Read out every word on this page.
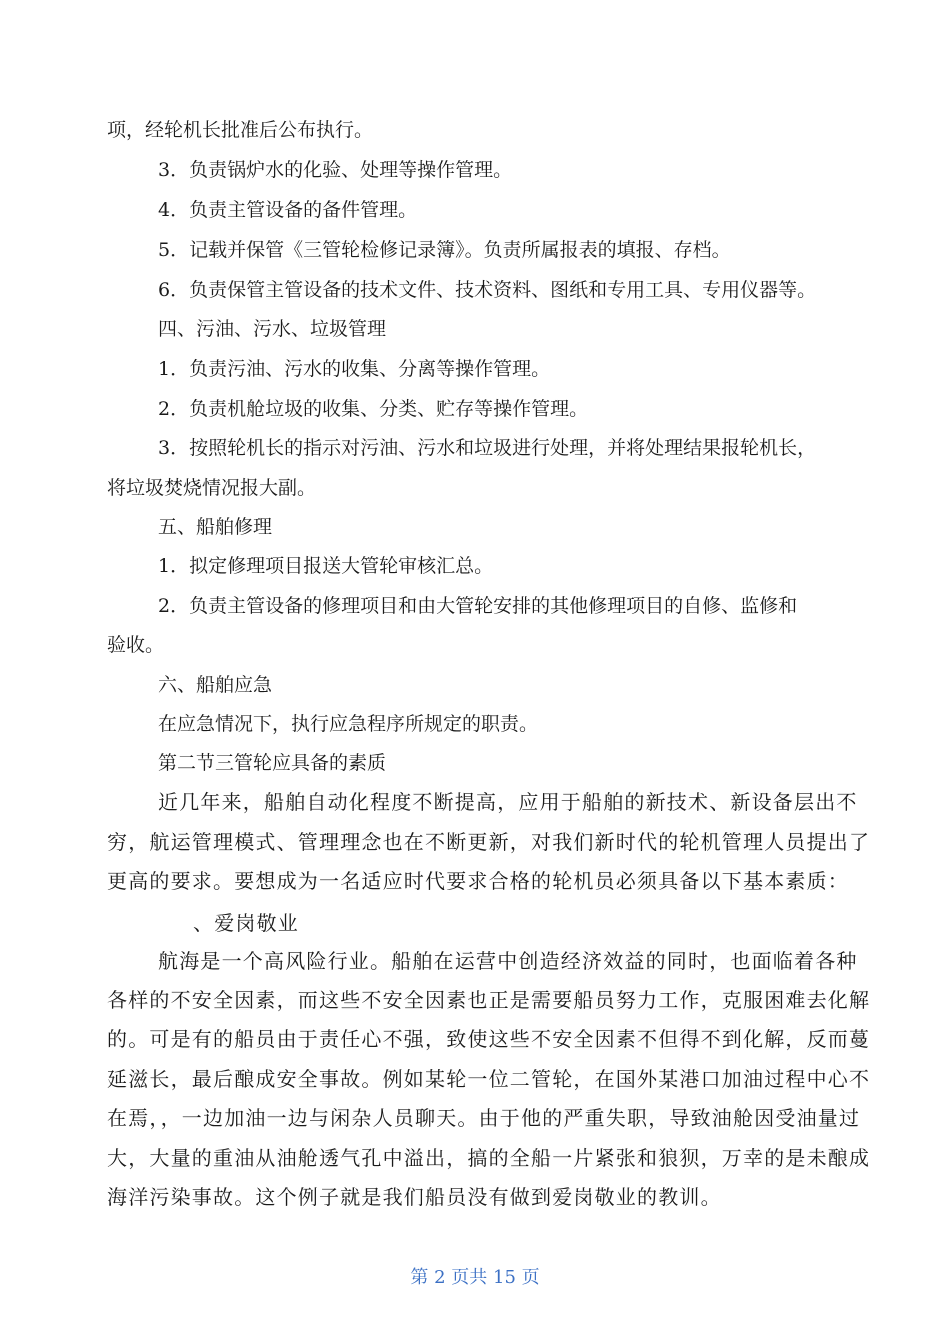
项，经轮机长批准后公布执行。
3．负责锅炉水的化验、处理等操作管理。
4．负责主管设备的备件管理。
5．记载并保管《三管轮检修记录簿》。负责所属报表的填报、存档。
6．负责保管主管设备的技术文件、技术资料、图纸和专用工具、专用仪器等。
四、污油、污水、垃圾管理
1．负责污油、污水的收集、分离等操作管理。
2．负责机舱垃圾的收集、分类、贮存等操作管理。
3．按照轮机长的指示对污油、污水和垃圾进行处理，并将处理结果报轮机长，
将垃圾焚烧情况报大副。
五、船舶修理
1．拟定修理项目报送大管轮审核汇总。
2．负责主管设备的修理项目和由大管轮安排的其他修理项目的自修、监修和
验收。
六、船舶应急
在应急情况下，执行应急程序所规定的职责。
第二节三管轮应具备的素质
近几年来，船舶自动化程度不断提高，应用于船舶的新技术、新设备层出不
穷，航运管理模式、管理理念也在不断更新，对我们新时代的轮机管理人员提出了
更高的要求。要想成为一名适应时代要求合格的轮机员必须具备以下基本素质：
、爱岗敬业
航海是一个高风险行业。船舶在运营中创造经济效益的同时，也面临着各种
各样的不安全因素，而这些不安全因素也正是需要船员努力工作，克服困难去化解
的。可是有的船员由于责任心不强，致使这些不安全因素不但得不到化解，反而蔓
延滋长，最后酿成安全事故。例如某轮一位二管轮，在国外某港口加油过程中心不
在焉，，一边加油一边与闲杂人员聊天。由于他的严重失职，导致油舱因受油量过
大，大量的重油从油舱透气孔中溢出，搞的全船一片紧张和狼狈，万幸的是未酿成
海洋污染事故。这个例子就是我们船员没有做到爱岗敬业的教训。
第 2 页共 15 页
